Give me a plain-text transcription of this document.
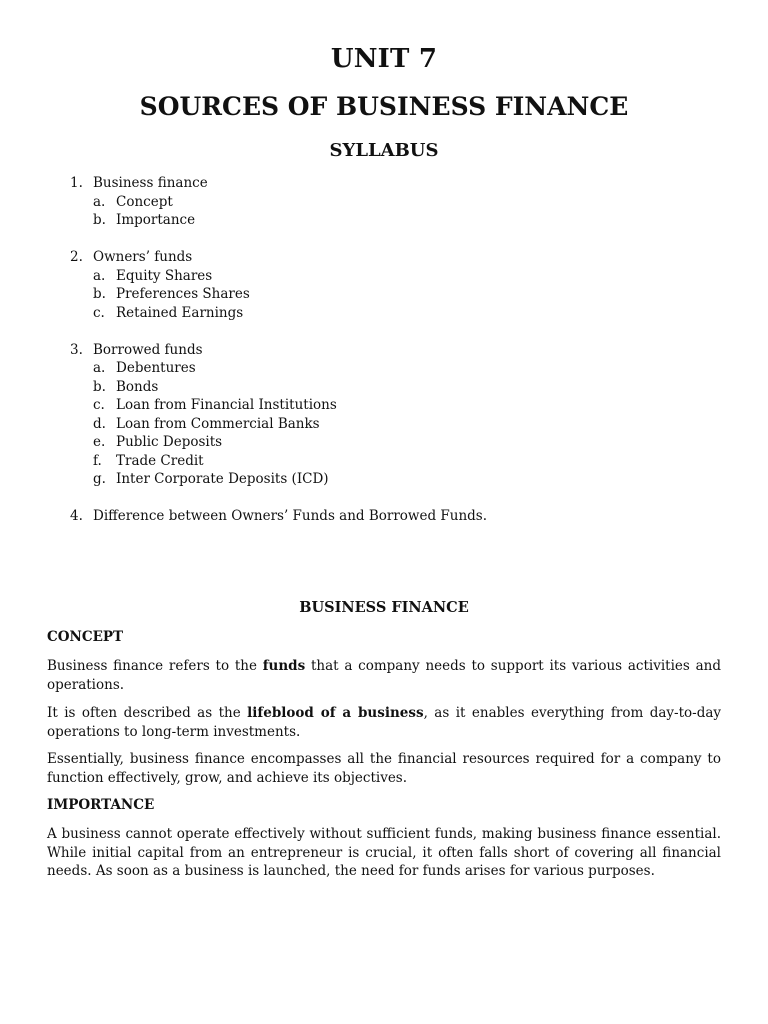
UNIT 7
SOURCES OF BUSINESS FINANCE
SYLLABUS
1. Business finance
a. Concept
b. Importance
2. Owners’ funds
a. Equity Shares
b. Preferences Shares
c. Retained Earnings
3. Borrowed funds
a. Debentures
b. Bonds
c. Loan from Financial Institutions
d. Loan from Commercial Banks
e. Public Deposits
f. Trade Credit
g. Inter Corporate Deposits (ICD)
4. Difference between Owners’ Funds and Borrowed Funds.
BUSINESS FINANCE
CONCEPT
Business finance refers to the funds that a company needs to support its various activities and operations.
It is often described as the lifeblood of a business, as it enables everything from day-to-day operations to long-term investments.
Essentially, business finance encompasses all the financial resources required for a company to function effectively, grow, and achieve its objectives.
IMPORTANCE
A business cannot operate effectively without sufficient funds, making business finance essential. While initial capital from an entrepreneur is crucial, it often falls short of covering all financial needs. As soon as a business is launched, the need for funds arises for various purposes.
